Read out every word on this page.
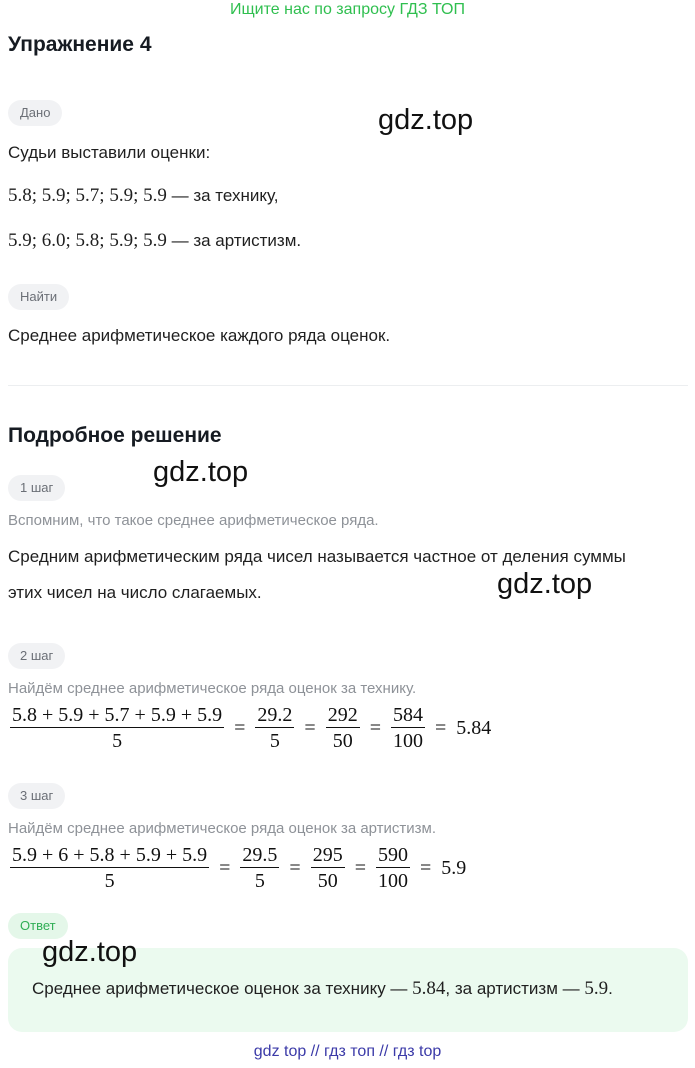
Ищите нас по запросу ГДЗ ТОП
Упражнение 4
Дано	gdz.top
Судьи выставили оценки:
5.8; 5.9; 5.7; 5.9; 5.9 — за технику,
5.9; 6.0; 5.8; 5.9; 5.9 — за артистизм.
Найти
Среднее арифметическое каждого ряда оценок.
Подробное решение
1 шаг	gdz.top
Вспомним, что такое среднее арифметическое ряда.
Средним арифметическим ряда чисел называется частное от деления суммы
этих чисел на число слагаемых.	gdz.top
2 шаг
Найдём среднее арифметическое ряда оценок за технику.
$\frac{5.8 + 5.9 + 5.7 + 5.9 + 5.9}{5} = \frac{29.2}{5} = \frac{292}{50} = \frac{584}{100} = 5.84$
3 шаг
Найдём среднее арифметическое ряда оценок за артистизм.
$\frac{5.9 + 6 + 5.8 + 5.9 + 5.9}{5} = \frac{29.5}{5} = \frac{295}{50} = \frac{590}{100} = 5.9$
Ответ
gdz.top
Среднее арифметическое оценок за технику — 5.84, за артистизм — 5.9.
gdz top // гдз топ // гдз top
